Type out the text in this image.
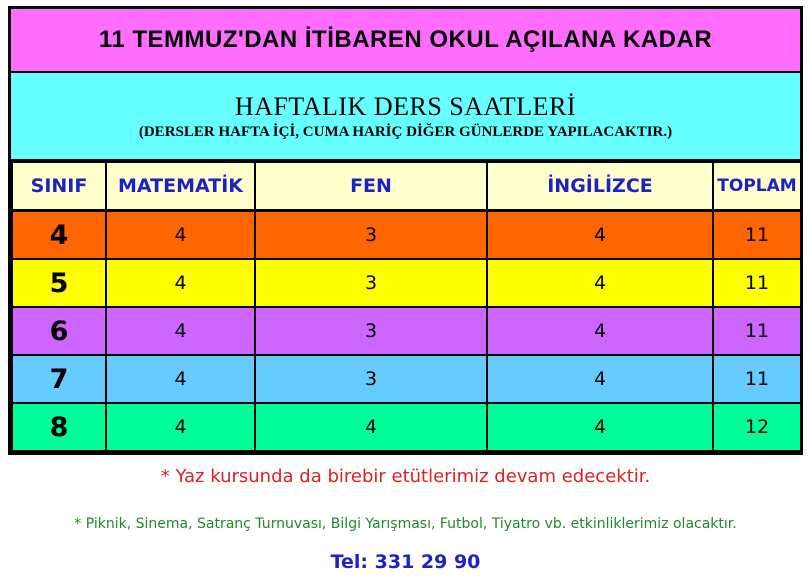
11 TEMMUZ'DAN İTİBAREN OKUL AÇILANA KADAR
HAFTALIK DERS SAATLERİ
(DERSLER HAFTA İÇİ, CUMA HARİÇ DİĞER GÜNLERDE YAPILACAKTIR.)
SINIF	MATEMATİK	FEN	İNGİLİZCE	TOPLAM
4	4	3	4	11
5	4	3	4	11
6	4	3	4	11
7	4	3	4	11
8	4	4	4	12
* Yaz kursunda da birebir etütlerimiz devam edecektir.
* Piknik, Sinema, Satranç Turnuvası, Bilgi Yarışması, Futbol, Tiyatro vb. etkinliklerimiz olacaktır.
Tel: 331 29 90
